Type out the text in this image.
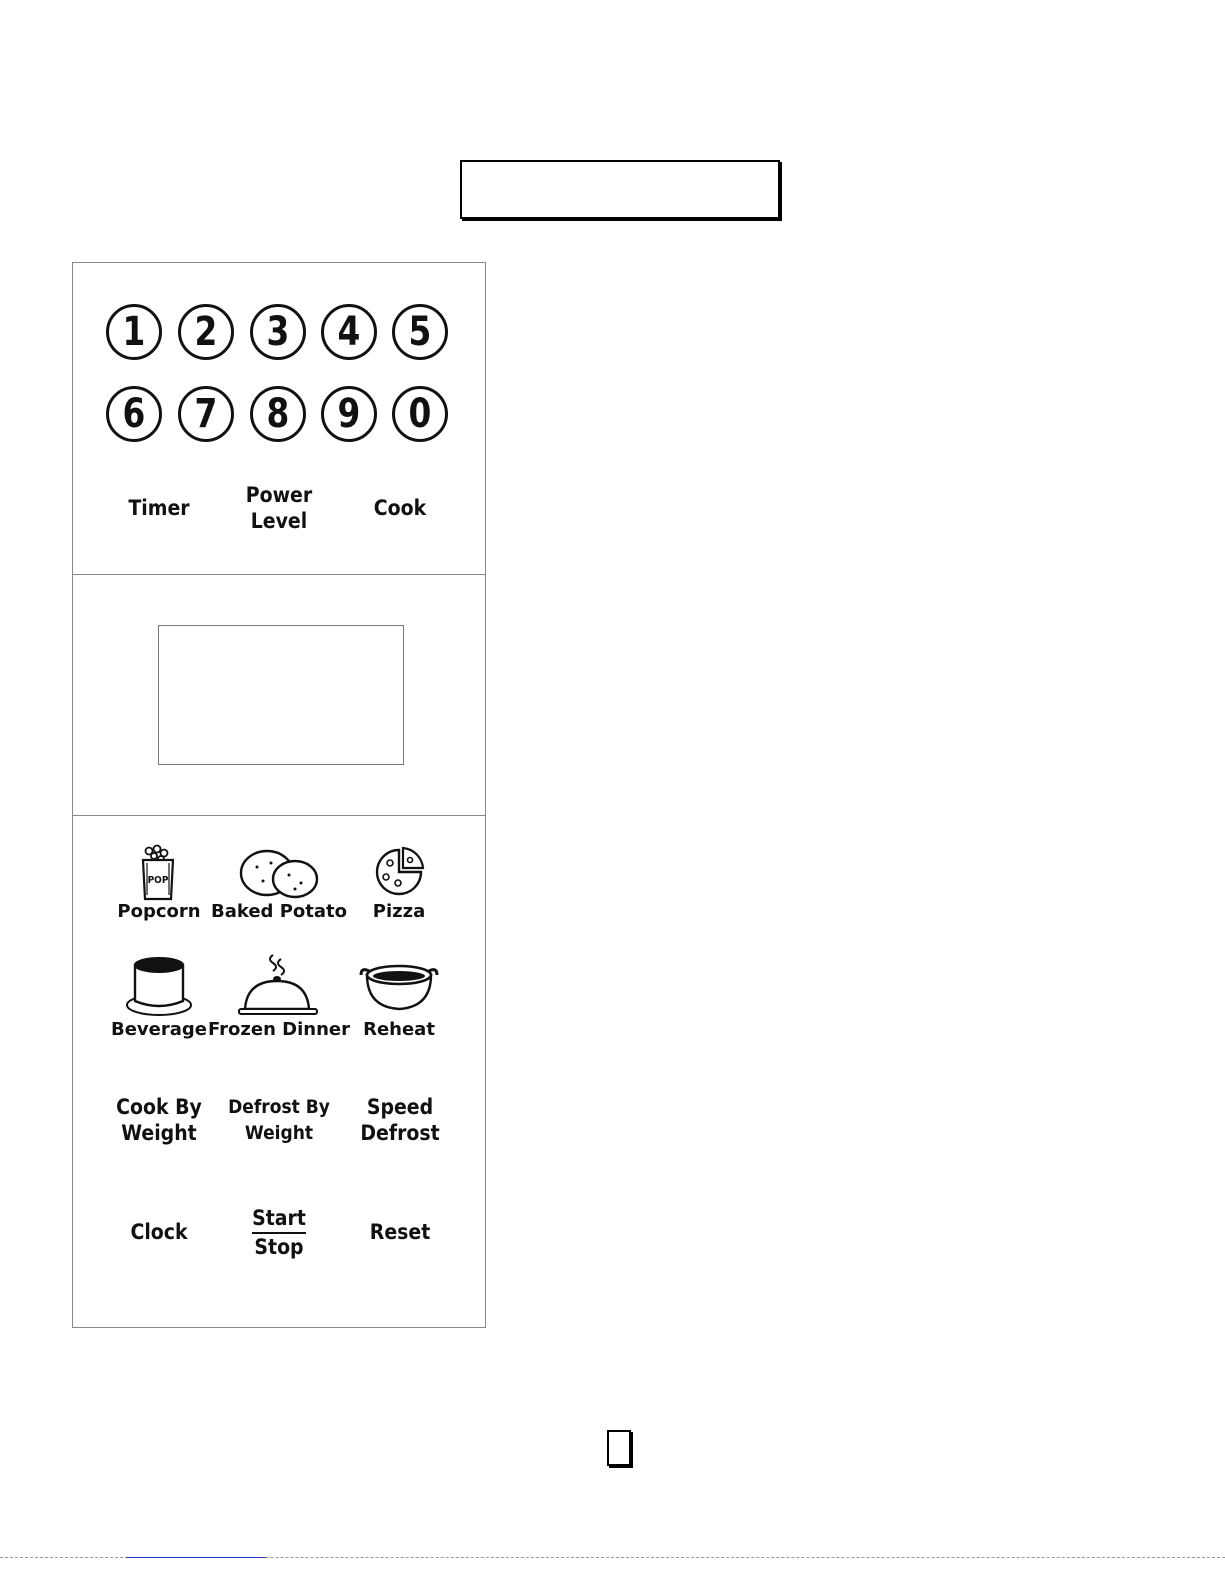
1 2 3 4 5
6 7 8 9 0
Timer
Power
Level
Cook
POP
Popcorn Baked Potato Pizza
Beverage Frozen Dinner Reheat
Cook By
Weight
Defrost By
Weight
Speed
Defrost
Clock
Start
Stop
Reset
